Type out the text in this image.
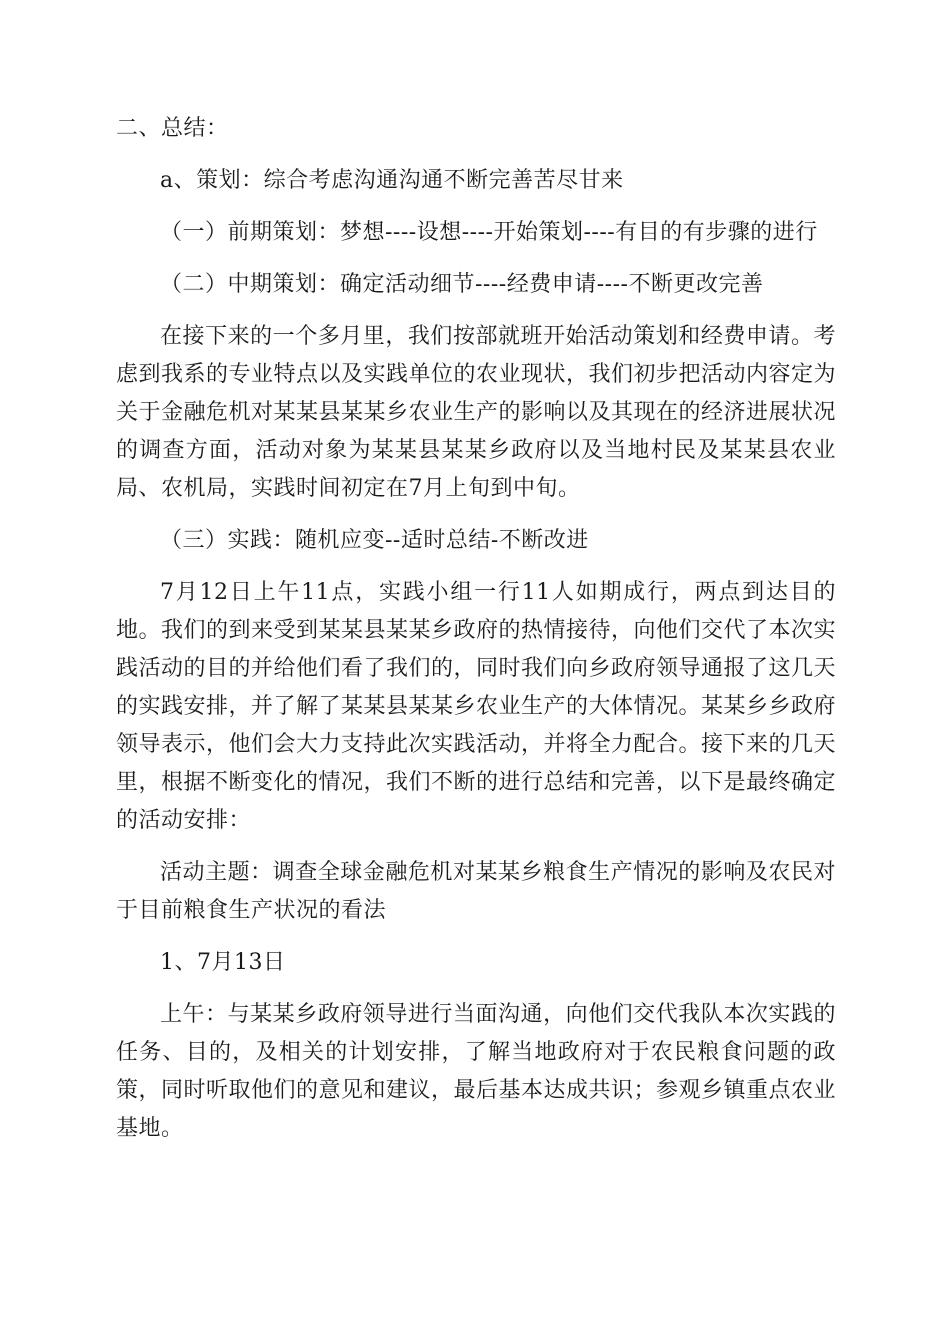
二、总结：

a、策划：综合考虑沟通沟通不断完善苦尽甘来

（一）前期策划：梦想----设想----开始策划----有目的有步骤的进行

（二）中期策划：确定活动细节----经费申请----不断更改完善

在接下来的一个多月里，我们按部就班开始活动策划和经费申请。考虑到我系的专业特点以及实践单位的农业现状，我们初步把活动内容定为关于金融危机对某某县某某乡农业生产的影响以及其现在的经济进展状况的调查方面，活动对象为某某县某某乡政府以及当地村民及某某县农业局、农机局，实践时间初定在7月上旬到中旬。

（三）实践：随机应变--适时总结-不断改进

7月12日上午11点，实践小组一行11人如期成行，两点到达目的地。我们的到来受到某某县某某乡政府的热情接待，向他们交代了本次实践活动的目的并给他们看了我们的，同时我们向乡政府领导通报了这几天的实践安排，并了解了某某县某某乡农业生产的大体情况。某某乡乡政府领导表示，他们会大力支持此次实践活动，并将全力配合。接下来的几天里，根据不断变化的情况，我们不断的进行总结和完善，以下是最终确定的活动安排：

活动主题：调查全球金融危机对某某乡粮食生产情况的影响及农民对于目前粮食生产状况的看法

1、7月13日

上午：与某某乡政府领导进行当面沟通，向他们交代我队本次实践的任务、目的，及相关的计划安排，了解当地政府对于农民粮食问题的政策，同时听取他们的意见和建议，最后基本达成共识；参观乡镇重点农业基地。
